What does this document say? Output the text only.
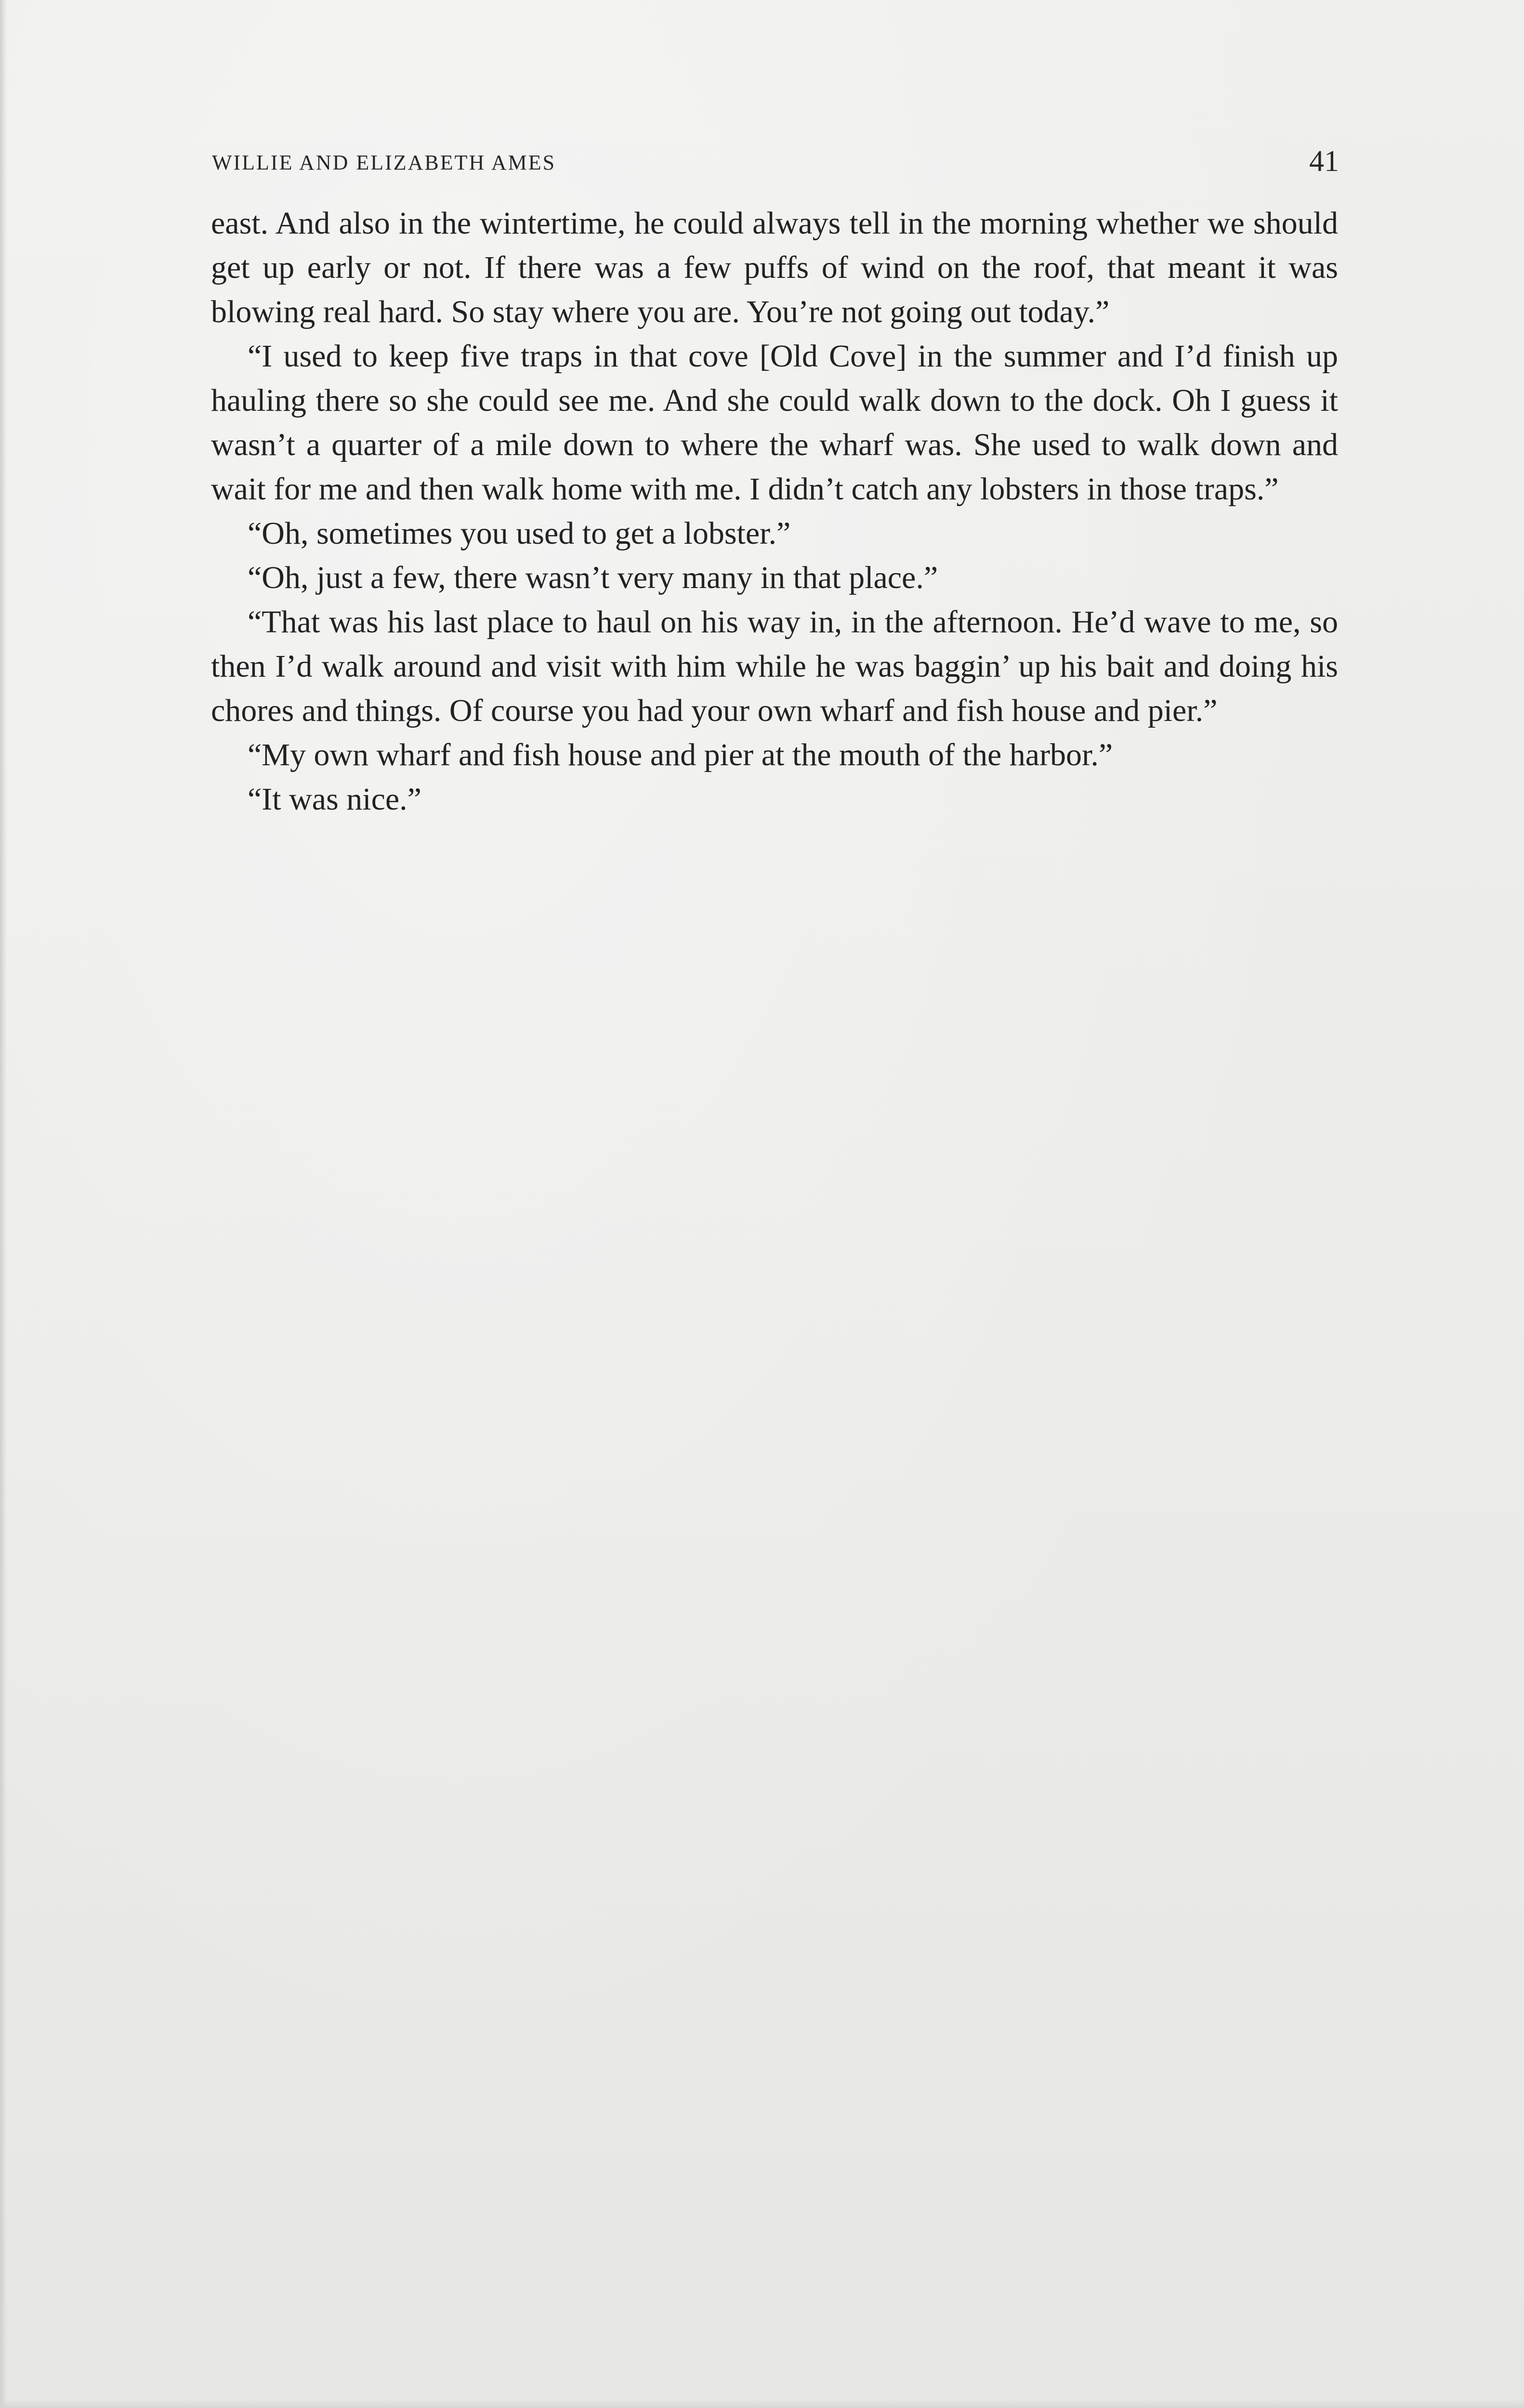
WILLIE AND ELIZABETH AMES	41

east. And also in the wintertime, he could always tell in the morning whether we should get up early or not. If there was a few puffs of wind on the roof, that meant it was blowing real hard. So stay where you are. You’re not going out today.”

“I used to keep five traps in that cove [Old Cove] in the summer and I’d finish up hauling there so she could see me. And she could walk down to the dock. Oh I guess it wasn’t a quarter of a mile down to where the wharf was. She used to walk down and wait for me and then walk home with me. I didn’t catch any lobsters in those traps.”

“Oh, sometimes you used to get a lobster.”

“Oh, just a few, there wasn’t very many in that place.”

“That was his last place to haul on his way in, in the afternoon. He’d wave to me, so then I’d walk around and visit with him while he was baggin’ up his bait and doing his chores and things. Of course you had your own wharf and fish house and pier.”

“My own wharf and fish house and pier at the mouth of the harbor.”

“It was nice.”
